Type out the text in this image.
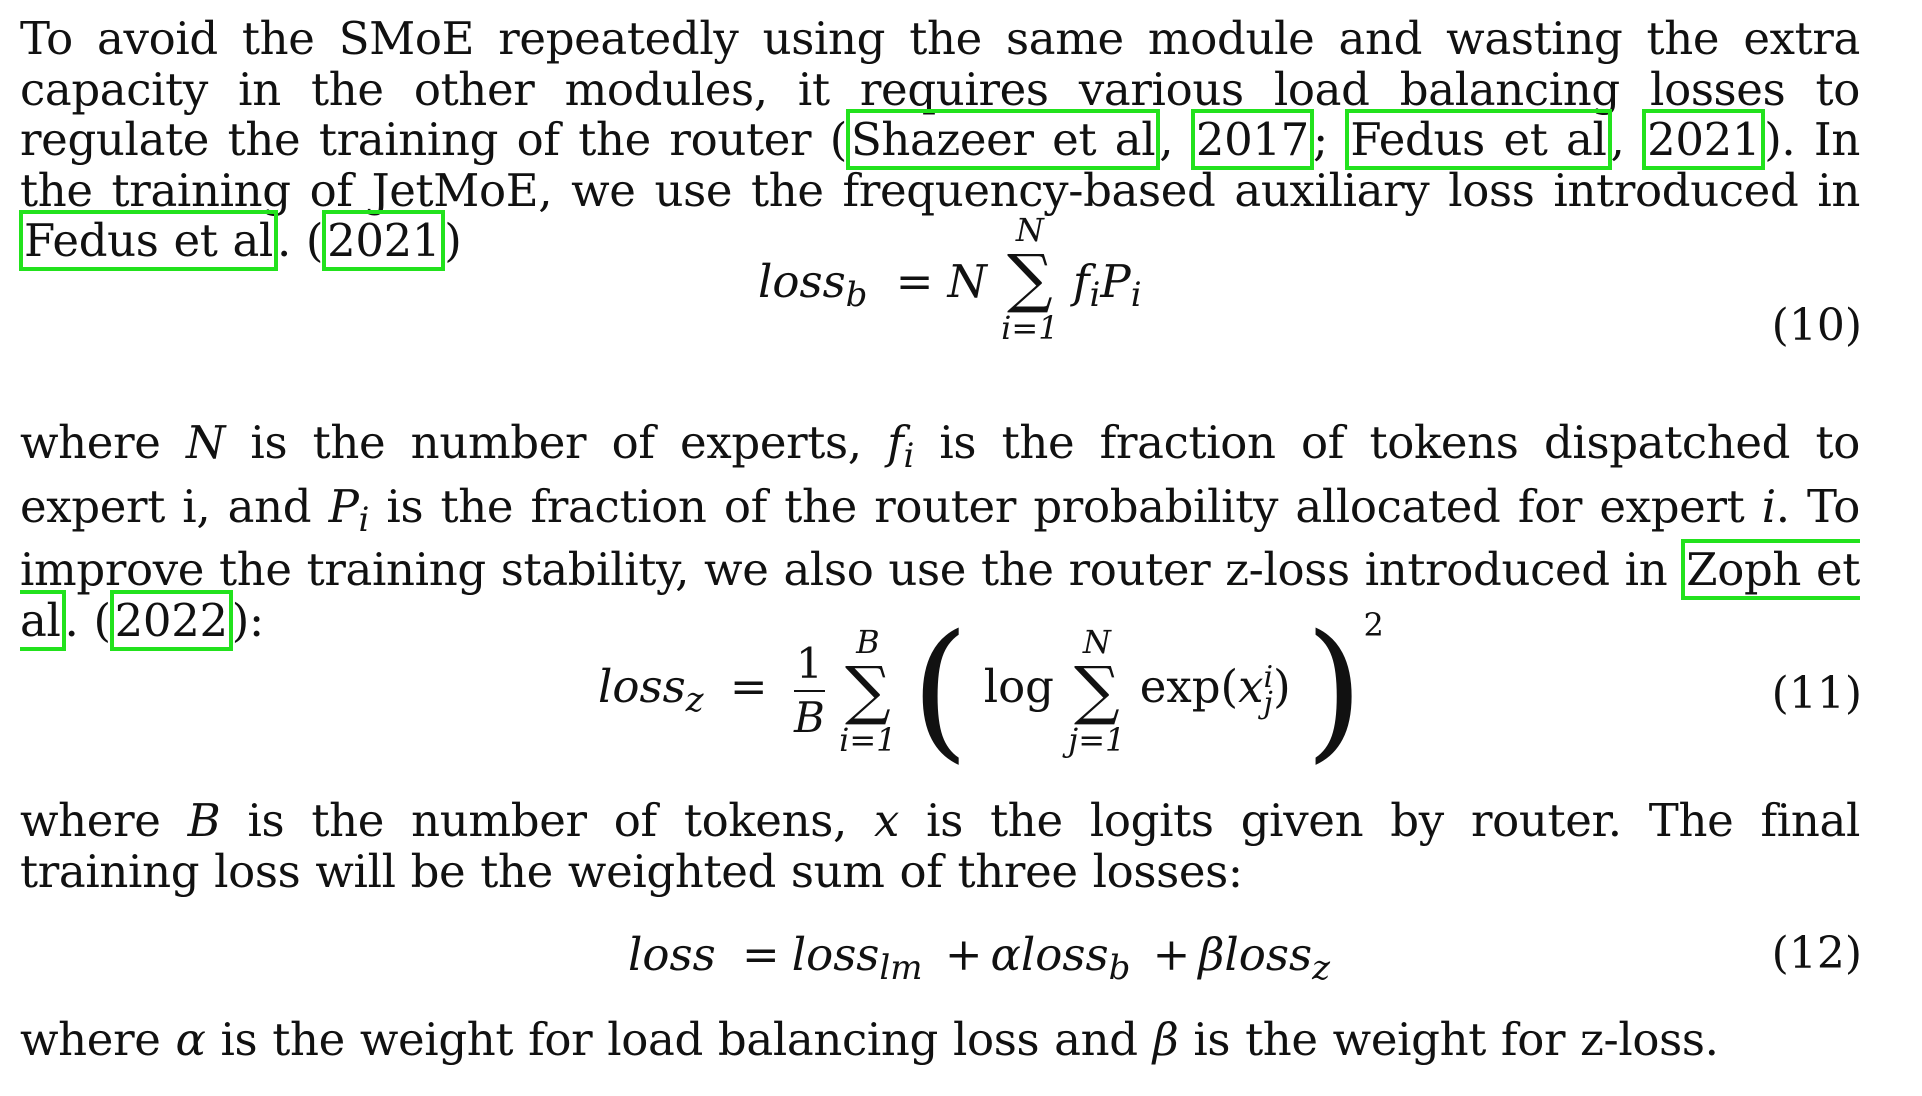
To avoid the SMoE repeatedly using the same module and wasting the extra capacity in the other modules, it requires various load balancing losses to regulate the training of the router (Shazeer et al, 2017; Fedus et al, 2021). In the training of JetMoE, we use the frequency-based auxiliary loss introduced in Fedus et al. (2021)
loss$_b$ = N
N
∑
i=1
$f_iP_i$
(10)
where N is the number of experts, $f_i$ is the fraction of tokens dispatched to expert i, and $P_i$ is the fraction of the router probability allocated for expert i. To improve the training stability, we also use the router z-loss introduced in Zoph et al. (2022):
loss$_z$ = $\frac{1}{B}$
B
∑
i=1 ( log
N
∑
j=1
exp(x i
j ) )$^2$
(11)
where B is the number of tokens, x is the logits given by router. The final training loss will be the weighted sum of three losses:
loss = loss$_{lm}$ + αloss$_b$ + βloss$_z$	(12)
where α is the weight for load balancing loss and β is the weight for z-loss.
